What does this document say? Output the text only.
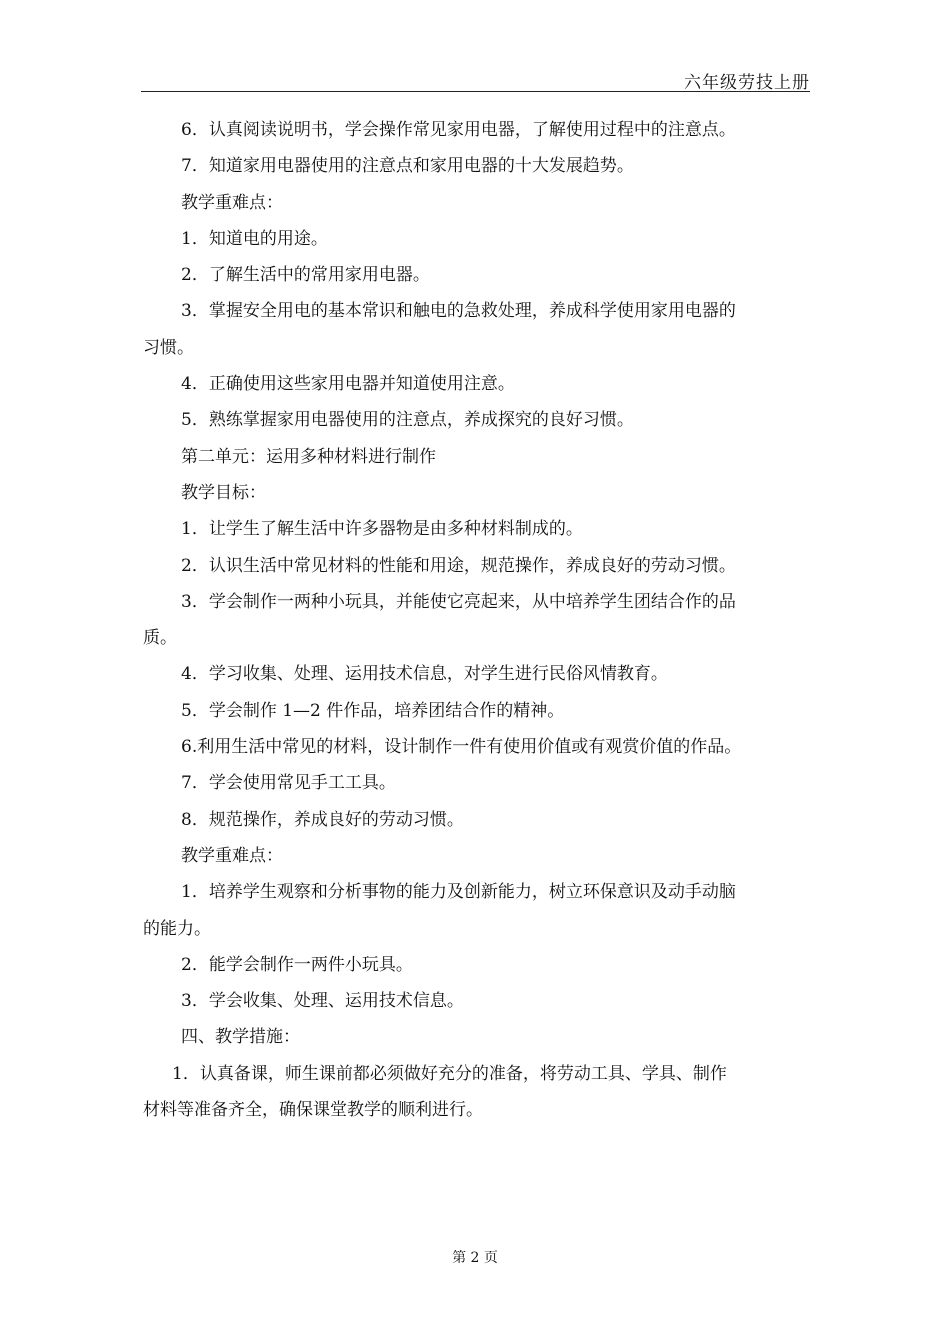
六年级劳技上册
6．认真阅读说明书，学会操作常见家用电器，了解使用过程中的注意点。
7．知道家用电器使用的注意点和家用电器的十大发展趋势。
教学重难点：
1．知道电的用途。
2．了解生活中的常用家用电器。
3．掌握安全用电的基本常识和触电的急救处理，养成科学使用家用电器的
习惯。
4．正确使用这些家用电器并知道使用注意。
5．熟练掌握家用电器使用的注意点，养成探究的良好习惯。
第二单元：运用多种材料进行制作
教学目标：
1．让学生了解生活中许多器物是由多种材料制成的。
2．认识生活中常见材料的性能和用途，规范操作，养成良好的劳动习惯。
3．学会制作一两种小玩具，并能使它亮起来，从中培养学生团结合作的品
质。
4．学习收集、处理、运用技术信息，对学生进行民俗风情教育。
5．学会制作 1—2 件作品，培养团结合作的精神。
6.利用生活中常见的材料，设计制作一件有使用价值或有观赏价值的作品。
7．学会使用常见手工工具。
8．规范操作，养成良好的劳动习惯。
教学重难点：
1．培养学生观察和分析事物的能力及创新能力，树立环保意识及动手动脑
的能力。
2．能学会制作一两件小玩具。
3．学会收集、处理、运用技术信息。
四、教学措施：
1．认真备课，师生课前都必须做好充分的准备，将劳动工具、学具、制作
材料等准备齐全，确保课堂教学的顺利进行。
第 2 页
